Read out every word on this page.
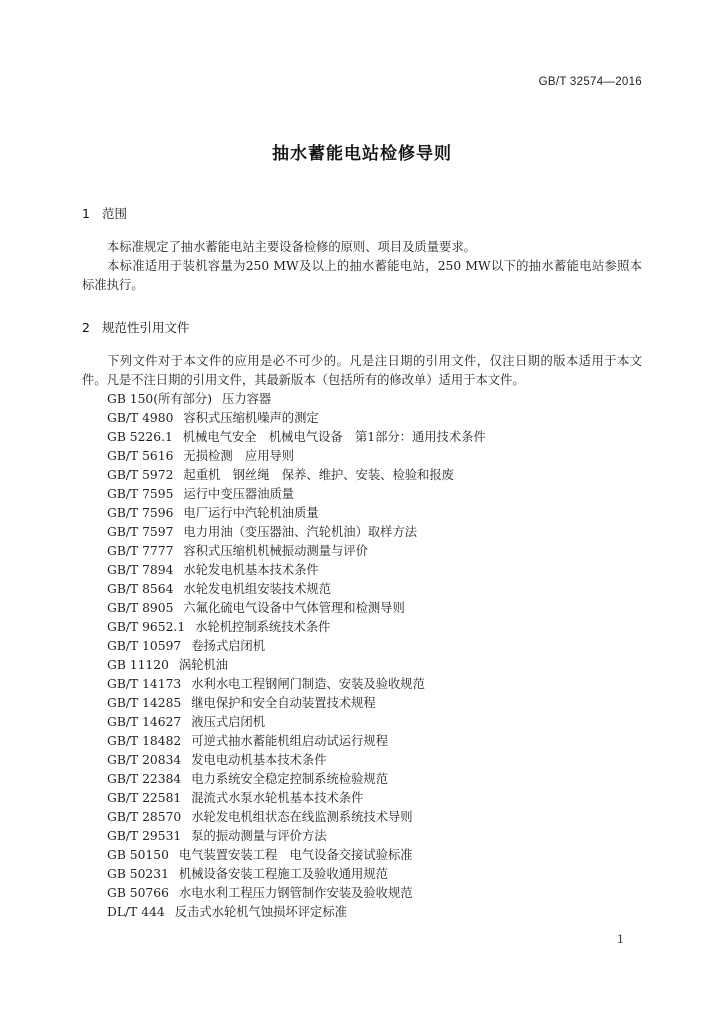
GB/T 32574—2016
抽水蓄能电站检修导则
1 范围
本标准规定了抽水蓄能电站主要设备检修的原则、项目及质量要求。
本标准适用于装机容量为250 MW及以上的抽水蓄能电站，250 MW以下的抽水蓄能电站参照本标准执行。
2 规范性引用文件
下列文件对于本文件的应用是必不可少的。凡是注日期的引用文件，仅注日期的版本适用于本文件。凡是不注日期的引用文件，其最新版本（包括所有的修改单）适用于本文件。
GB 150(所有部分) 压力容器
GB/T 4980 容积式压缩机噪声的测定
GB 5226.1 机械电气安全　机械电气设备　第1部分：通用技术条件
GB/T 5616 无损检测　应用导则
GB/T 5972 起重机　钢丝绳　保养、维护、安装、检验和报废
GB/T 7595 运行中变压器油质量
GB/T 7596 电厂运行中汽轮机油质量
GB/T 7597 电力用油（变压器油、汽轮机油）取样方法
GB/T 7777 容积式压缩机机械振动测量与评价
GB/T 7894 水轮发电机基本技术条件
GB/T 8564 水轮发电机组安装技术规范
GB/T 8905 六氟化硫电气设备中气体管理和检测导则
GB/T 9652.1 水轮机控制系统技术条件
GB/T 10597 卷扬式启闭机
GB 11120 涡轮机油
GB/T 14173 水利水电工程钢闸门制造、安装及验收规范
GB/T 14285 继电保护和安全自动装置技术规程
GB/T 14627 液压式启闭机
GB/T 18482 可逆式抽水蓄能机组启动试运行规程
GB/T 20834 发电电动机基本技术条件
GB/T 22384 电力系统安全稳定控制系统检验规范
GB/T 22581 混流式水泵水轮机基本技术条件
GB/T 28570 水轮发电机组状态在线监测系统技术导则
GB/T 29531 泵的振动测量与评价方法
GB 50150 电气装置安装工程　电气设备交接试验标准
GB 50231 机械设备安装工程施工及验收通用规范
GB 50766 水电水利工程压力钢管制作安装及验收规范
DL/T 444 反击式水轮机气蚀损坏评定标准
1
